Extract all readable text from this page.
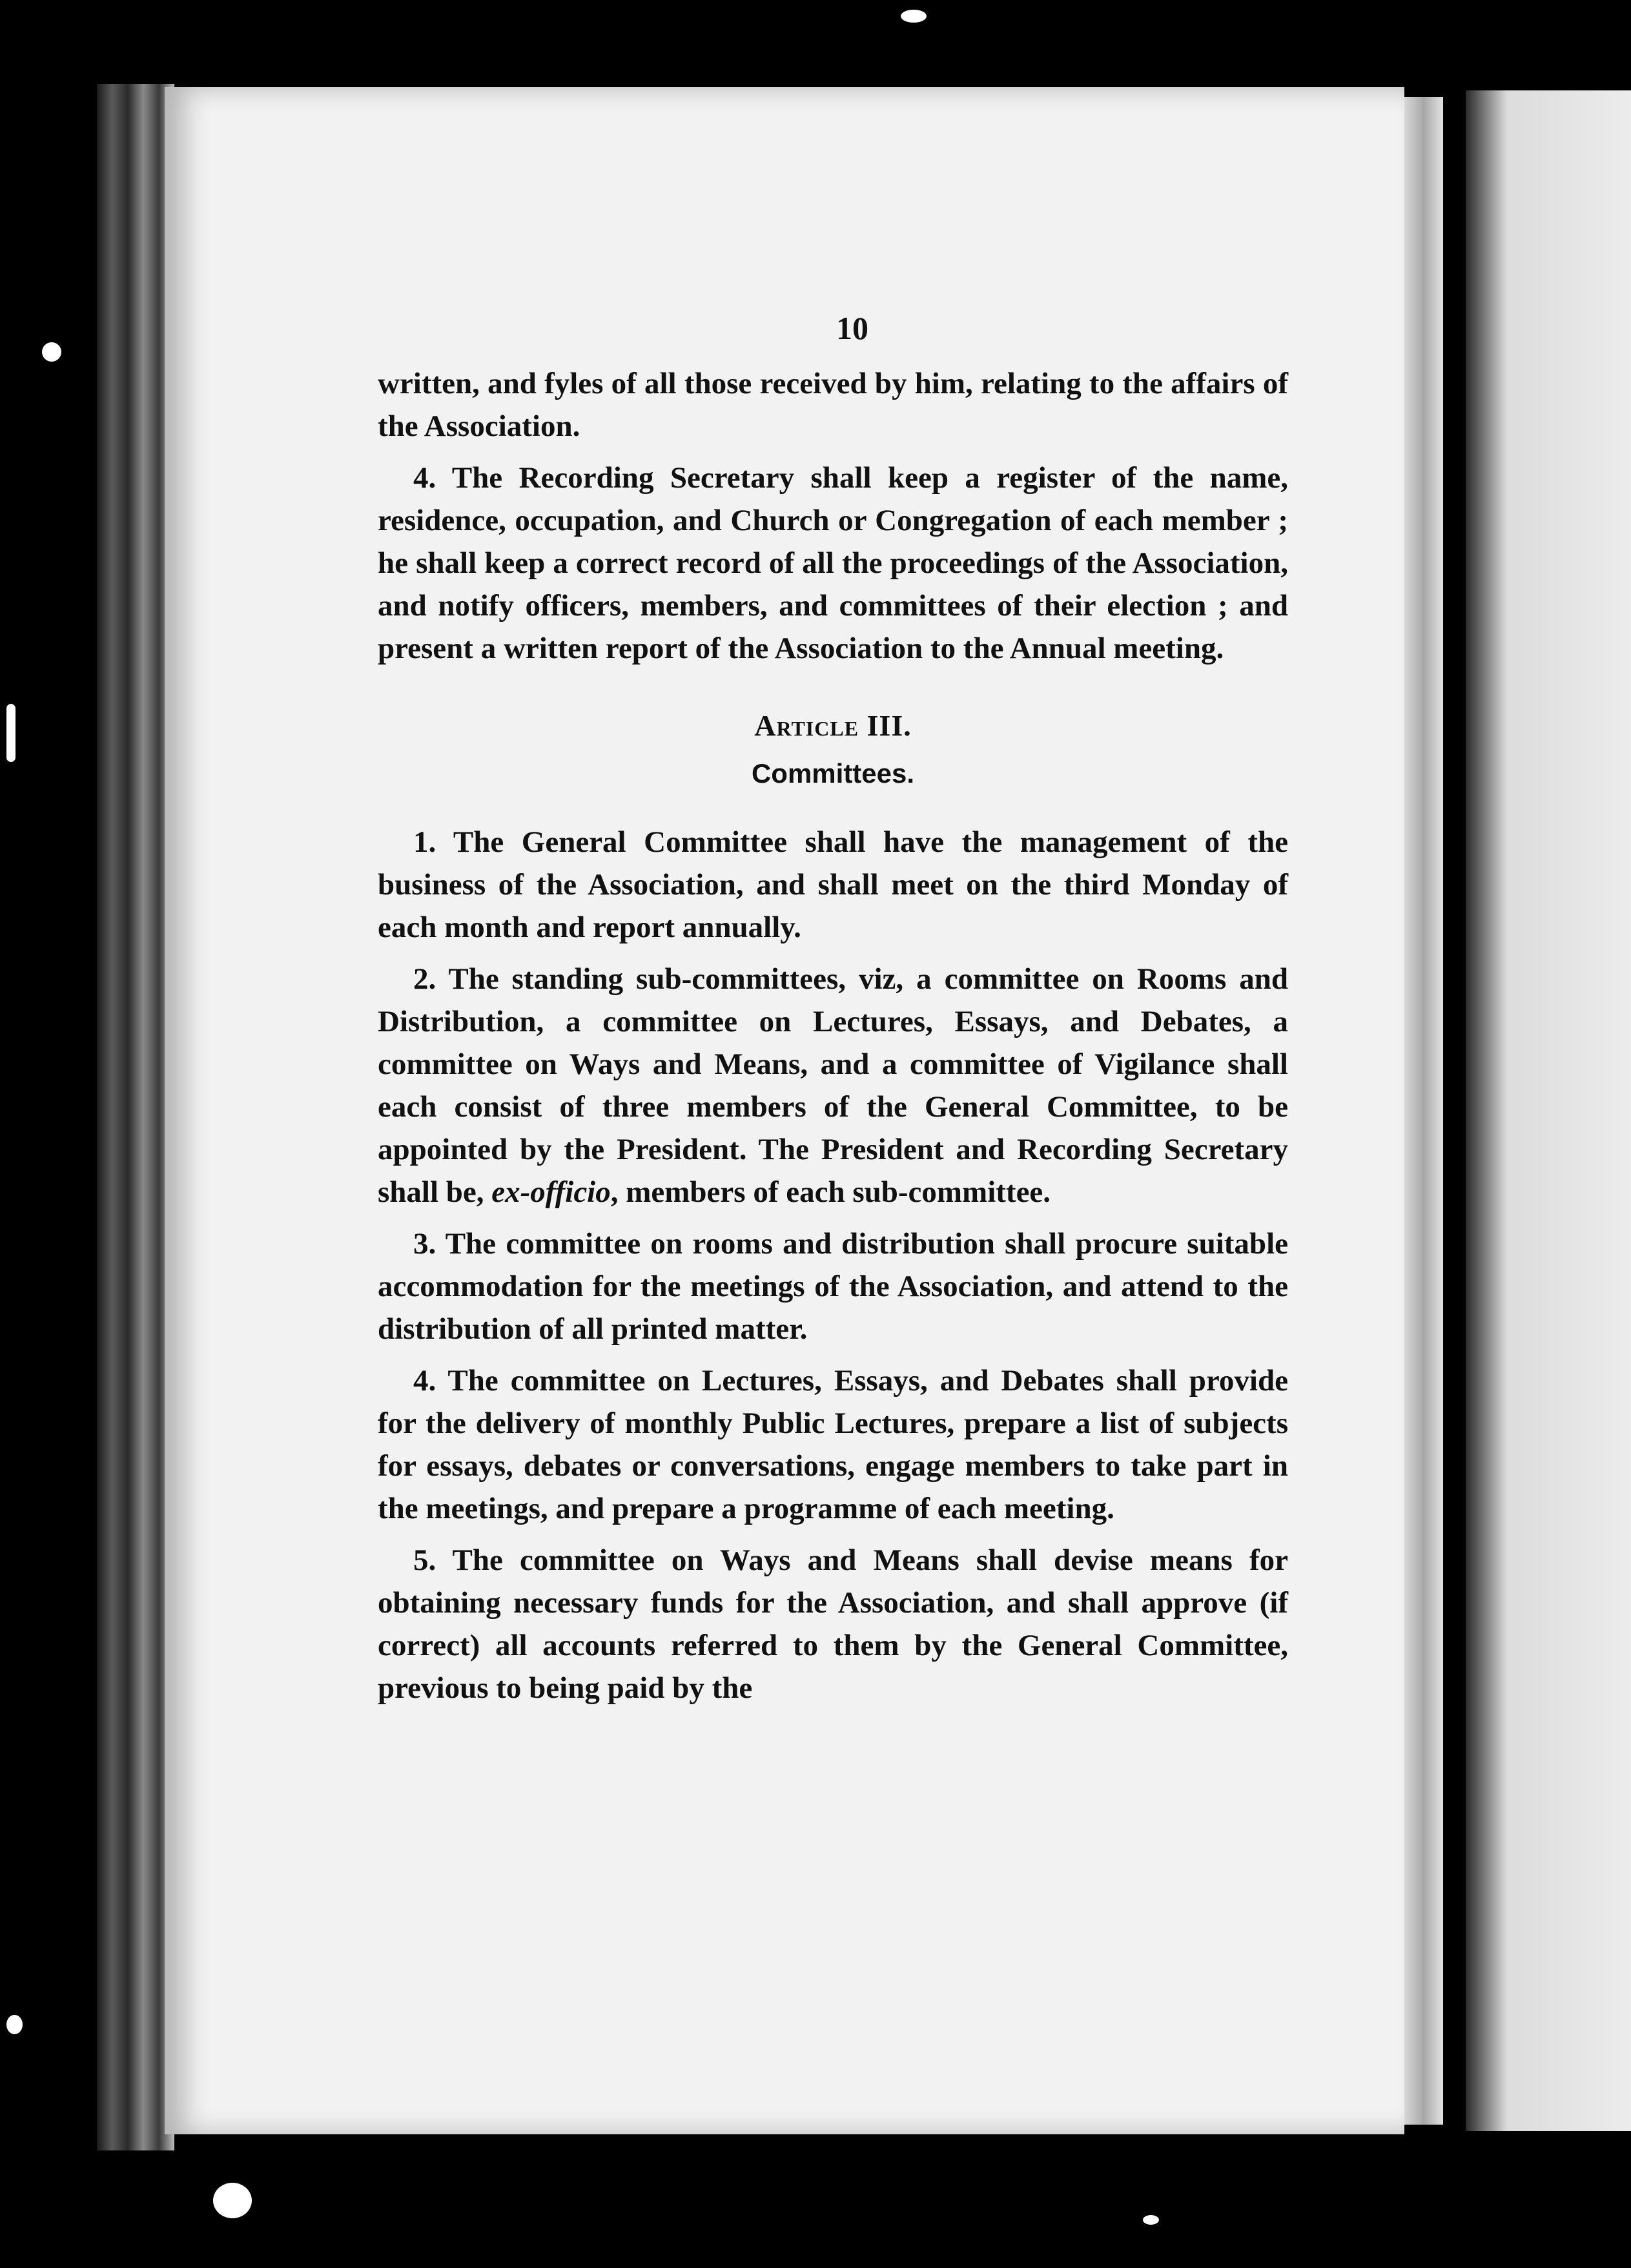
10

written, and fyles of all those received by him, relating to the affairs of the Association.

4. The Recording Secretary shall keep a register of the name, residence, occupation, and Church or Congregation of each member ; he shall keep a correct record of all the proceedings of the Association, and notify officers, members, and committees of their election ; and present a written report of the Association to the Annual meeting.

Article III.
Committees.

1. The General Committee shall have the management of the business of the Association, and shall meet on the third Monday of each month and report annually.

2. The standing sub-committees, viz, a committee on Rooms and Distribution, a committee on Lectures, Essays, and Debates, a committee on Ways and Means, and a committee of Vigilance shall each consist of three members of the General Committee, to be appointed by the President. The President and Recording Secretary shall be, ex-officio, members of each sub-committee.

3. The committee on rooms and distribution shall procure suitable accommodation for the meetings of the Association, and attend to the distribution of all printed matter.

4. The committee on Lectures, Essays, and Debates shall provide for the delivery of monthly Public Lectures, prepare a list of subjects for essays, debates or conversations, engage members to take part in the meetings, and prepare a programme of each meeting.

5. The committee on Ways and Means shall devise means for obtaining necessary funds for the Association, and shall approve (if correct) all accounts referred to them by the General Committee, previous to being paid by the
